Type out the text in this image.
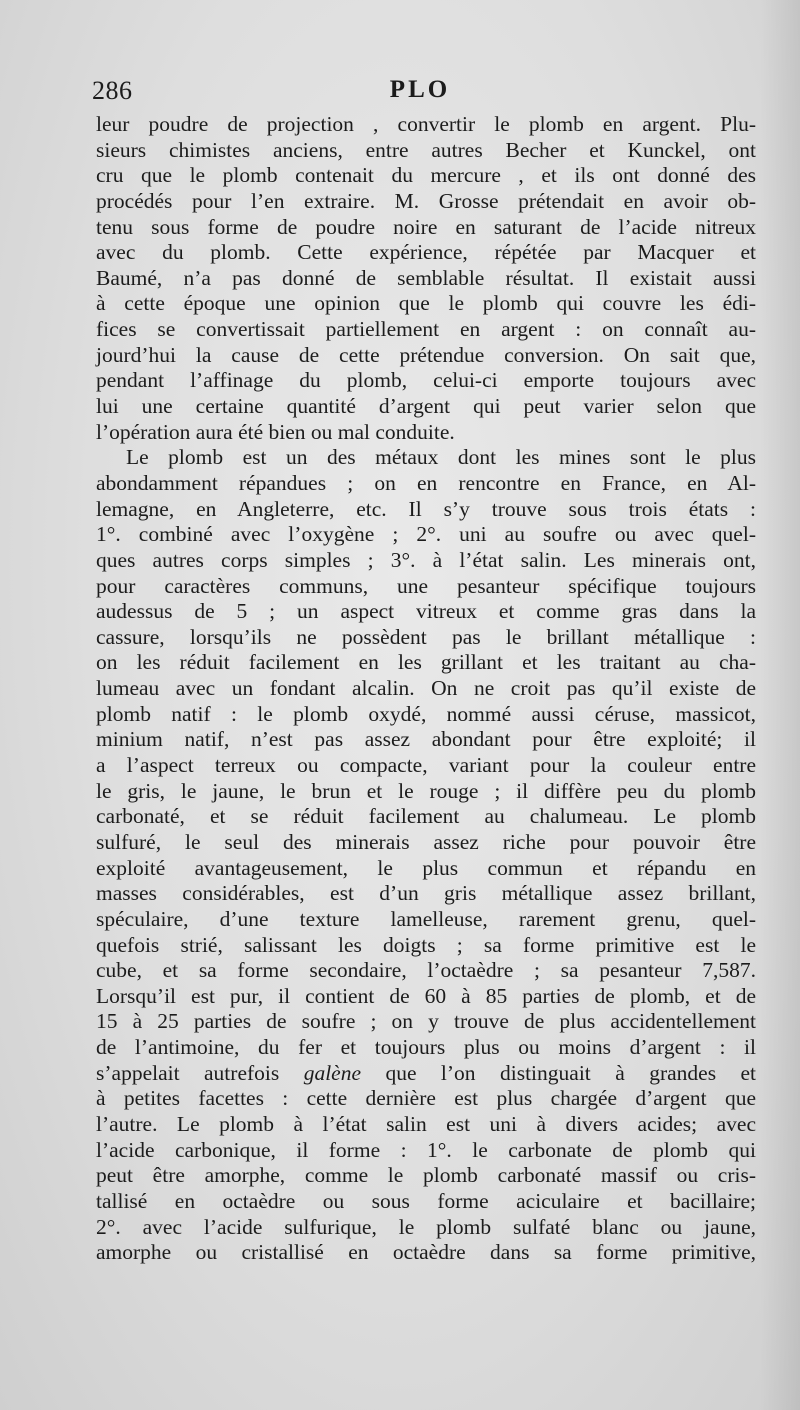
286	PLO
leur poudre de projection , convertir le plomb en argent. Plu-
sieurs chimistes anciens, entre autres Becher et Kunckel, ont
cru que le plomb contenait du mercure , et ils ont donné des
procédés pour l’en extraire. M. Grosse prétendait en avoir ob-
tenu sous forme de poudre noire en saturant de l’acide nitreux
avec du plomb. Cette expérience, répétée par Macquer et
Baumé, n’a pas donné de semblable résultat. Il existait aussi
à cette époque une opinion que le plomb qui couvre les édi-
fices se convertissait partiellement en argent : on connaît au-
jourd’hui la cause de cette prétendue conversion. On sait que,
pendant l’affinage du plomb, celui-ci emporte toujours avec
lui une certaine quantité d’argent qui peut varier selon que
l’opération aura été bien ou mal conduite.
Le plomb est un des métaux dont les mines sont le plus
abondamment répandues ; on en rencontre en France, en Al-
lemagne, en Angleterre, etc. Il s’y trouve sous trois états :
1°. combiné avec l’oxygène ; 2°. uni au soufre ou avec quel-
ques autres corps simples ; 3°. à l’état salin. Les minerais ont,
pour caractères communs, une pesanteur spécifique toujours
audessus de 5 ; un aspect vitreux et comme gras dans la
cassure, lorsqu’ils ne possèdent pas le brillant métallique :
on les réduit facilement en les grillant et les traitant au cha-
lumeau avec un fondant alcalin. On ne croit pas qu’il existe de
plomb natif : le plomb oxydé, nommé aussi céruse, massicot,
minium natif, n’est pas assez abondant pour être exploité; il
a l’aspect terreux ou compacte, variant pour la couleur entre
le gris, le jaune, le brun et le rouge ; il diffère peu du plomb
carbonaté, et se réduit facilement au chalumeau. Le plomb
sulfuré, le seul des minerais assez riche pour pouvoir être
exploité avantageusement, le plus commun et répandu en
masses considérables, est d’un gris métallique assez brillant,
spéculaire, d’une texture lamelleuse, rarement grenu, quel-
quefois strié, salissant les doigts ; sa forme primitive est le
cube, et sa forme secondaire, l’octaèdre ; sa pesanteur 7,587.
Lorsqu’il est pur, il contient de 60 à 85 parties de plomb, et de
15 à 25 parties de soufre ; on y trouve de plus accidentellement
de l’antimoine, du fer et toujours plus ou moins d’argent : il
s’appelait autrefois galène que l’on distinguait à grandes et
à petites facettes : cette dernière est plus chargée d’argent que
l’autre. Le plomb à l’état salin est uni à divers acides; avec
l’acide carbonique, il forme : 1°. le carbonate de plomb qui
peut être amorphe, comme le plomb carbonaté massif ou cris-
tallisé en octaèdre ou sous forme aciculaire et bacillaire;
2°. avec l’acide sulfurique, le plomb sulfaté blanc ou jaune,
amorphe ou cristallisé en octaèdre dans sa forme primitive,
